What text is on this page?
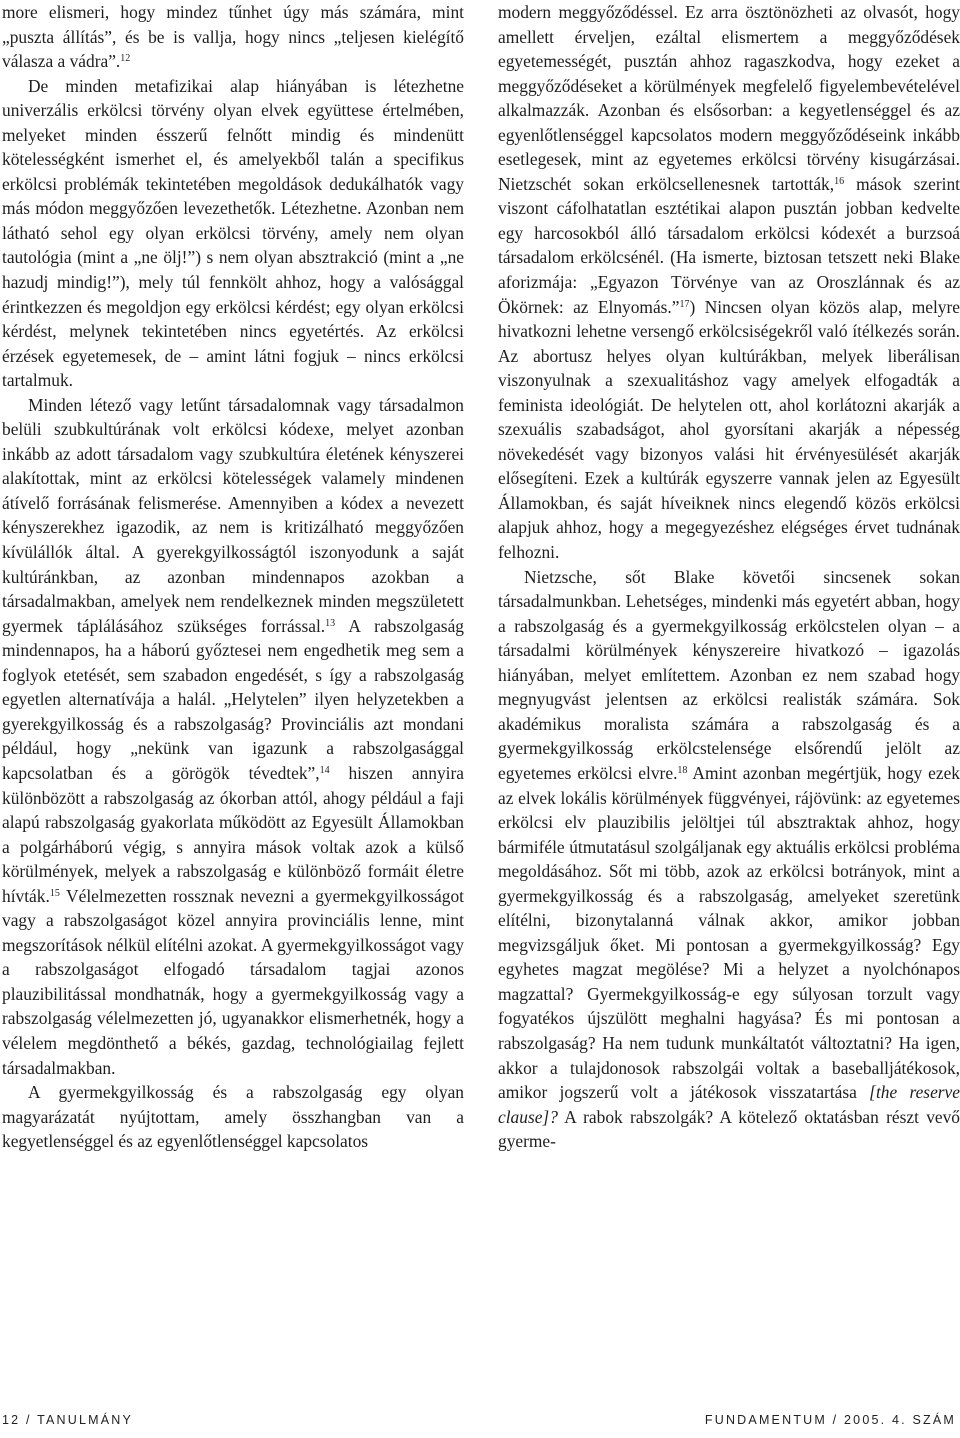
more elismeri, hogy mindez tűnhet úgy más számára, mint „puszta állítás”, és be is vallja, hogy nincs „teljesen kielégítő válasza a vádra”.$^{12}$

De minden metafizikai alap hiányában is létezhetne univerzális erkölcsi törvény olyan elvek együttese értelmében, melyeket minden ésszerű felnőtt mindig és mindenütt kötelességként ismerhet el, és amelyekből talán a specifikus erkölcsi problémák tekintetében megoldások dedukálhatók vagy más módon meggyőzően levezethetők. Létezhetne. Azonban nem látható sehol egy olyan erkölcsi törvény, amely nem olyan tautológia (mint a „ne ölj!”) s nem olyan absztrakció (mint a „ne hazudj mindig!”), mely túl fennkölt ahhoz, hogy a valósággal érintkezzen és megoldjon egy erkölcsi kérdést; egy olyan erkölcsi kérdést, melynek tekintetében nincs egyetértés. Az erkölcsi érzések egyetemesek, de – amint látni fogjuk – nincs erkölcsi tartalmuk.

Minden létező vagy letűnt társadalomnak vagy társadalmon belüli szubkultúrának volt erkölcsi kódexe, melyet azonban inkább az adott társadalom vagy szubkultúra életének kényszerei alakítottak, mint az erkölcsi kötelességek valamely mindenen átívelő forrásának felismerése. Amennyiben a kódex a nevezett kényszerekhez igazodik, az nem is kritizálható meggyőzően kívülállók által. A gyerekgyilkosságtól iszonyodunk a saját kultúránkban, az azonban mindennapos azokban a társadalmakban, amelyek nem rendelkeznek minden megszületett gyermek táplálásához szükséges forrással.$^{13}$ A rabszolgaság mindennapos, ha a háború győztesei nem engedhetik meg sem a foglyok etetését, sem szabadon engedését, s így a rabszolgaság egyetlen alternatívája a halál. „Helytelen” ilyen helyzetekben a gyerekgyilkosság és a rabszolgaság? Provinciális azt mondani például, hogy „nekünk van igazunk a rabszolgasággal kapcsolatban és a görögök tévedtek”,$^{14}$ hiszen annyira különbözött a rabszolgaság az ókorban attól, ahogy például a faji alapú rabszolgaság gyakorlata működött az Egyesült Államokban a polgárháború végig, s annyira mások voltak azok a külső körülmények, melyek a rabszolgaság e különböző formáit életre hívták.$^{15}$ Vélelmezetten rossznak nevezni a gyermekgyilkosságot vagy a rabszolgaságot közel annyira provinciális lenne, mint megszorítások nélkül elítélni azokat. A gyermekgyilkosságot vagy a rabszolgaságot elfogadó társadalom tagjai azonos plauzibilitással mondhatnák, hogy a gyermekgyilkosság vagy a rabszolgaság vélelmezetten jó, ugyanakkor elismerhetnék, hogy a vélelem megdönthető a békés, gazdag, technológiailag fejlett társadalmakban.

A gyermekgyilkosság és a rabszolgaság egy olyan magyarázatát nyújtottam, amely összhangban van a kegyetlenséggel és az egyenlőtlenséggel kapcsolatos

modern meggyőződéssel. Ez arra ösztönözheti az olvasót, hogy amellett érveljen, ezáltal elismertem a meggyőződések egyetemességét, pusztán ahhoz ragaszkodva, hogy ezeket a meggyőződéseket a körülmények megfelelő figyelembevételével alkalmazzák. Azonban és elsősorban: a kegyetlenséggel és az egyenlőtlenséggel kapcsolatos modern meggyőződéseink inkább esetlegesek, mint az egyetemes erkölcsi törvény kisugárzásai. Nietzschét sokan erkölcsellenesnek tartották,$^{16}$ mások szerint viszont cáfolhatatlan esztétikai alapon pusztán jobban kedvelte egy harcosokból álló társadalom erkölcsi kódexét a burzsoá társadalom erkölcsénél. (Ha ismerte, biztosan tetszett neki Blake aforizmája: „Egyazon Törvénye van az Oroszlánnak és az Ökörnek: az Elnyomás.”$^{17}$) Nincsen olyan közös alap, melyre hivatkozni lehetne versengő erkölcsiségekről való ítélkezés során. Az abortusz helyes olyan kultúrákban, melyek liberálisan viszonyulnak a szexualitáshoz vagy amelyek elfogadták a feminista ideológiát. De helytelen ott, ahol korlátozni akarják a szexuális szabadságot, ahol gyorsítani akarják a népesség növekedését vagy bizonyos valási hit érvényesülését akarják elősegíteni. Ezek a kultúrák egyszerre vannak jelen az Egyesült Államokban, és saját híveiknek nincs elegendő közös erkölcsi alapjuk ahhoz, hogy a megegyezéshez elégséges érvet tudnának felhozni.

Nietzsche, sőt Blake követői sincsenek sokan társadalmunkban. Lehetséges, mindenki más egyetért abban, hogy a rabszolgaság és a gyermekgyilkosság erkölcstelen olyan – a társadalmi körülmények kényszereire hivatkozó – igazolás hiányában, melyet említettem. Azonban ez nem szabad hogy megnyugvást jelentsen az erkölcsi realisták számára. Sok akadémikus moralista számára a rabszolgaság és a gyermekgyilkosság erkölcstelensége elsőrendű jelölt az egyetemes erkölcsi elvre.$^{18}$ Amint azonban megértjük, hogy ezek az elvek lokális körülmények függvényei, rájövünk: az egyetemes erkölcsi elv plauzibilis jelöltjei túl absztraktak ahhoz, hogy bármiféle útmutatásul szolgáljanak egy aktuális erkölcsi probléma megoldásához. Sőt mi több, azok az erkölcsi botrányok, mint a gyermekgyilkosság és a rabszolgaság, amelyeket szeretünk elítélni, bizonytalanná válnak akkor, amikor jobban megvizsgáljuk őket. Mi pontosan a gyermekgyilkosság? Egy egyhetes magzat megölése? Mi a helyzet a nyolchónapos magzattal? Gyermekgyilkosság-e egy súlyosan torzult vagy fogyatékos újszülött meghalni hagyása? És mi pontosan a rabszolgaság? Ha nem tudunk munkáltatót változtatni? Ha igen, akkor a tulajdonosok rabszolgái voltak a baseballjátékosok, amikor jogszerű volt a játékosok visszatartása [the reserve clause]? A rabok rabszolgák? A kötelező oktatásban részt vevő gyerme-

12 / TANULMÁNY	FUNDAMENTUM / 2005. 4. SZÁM
